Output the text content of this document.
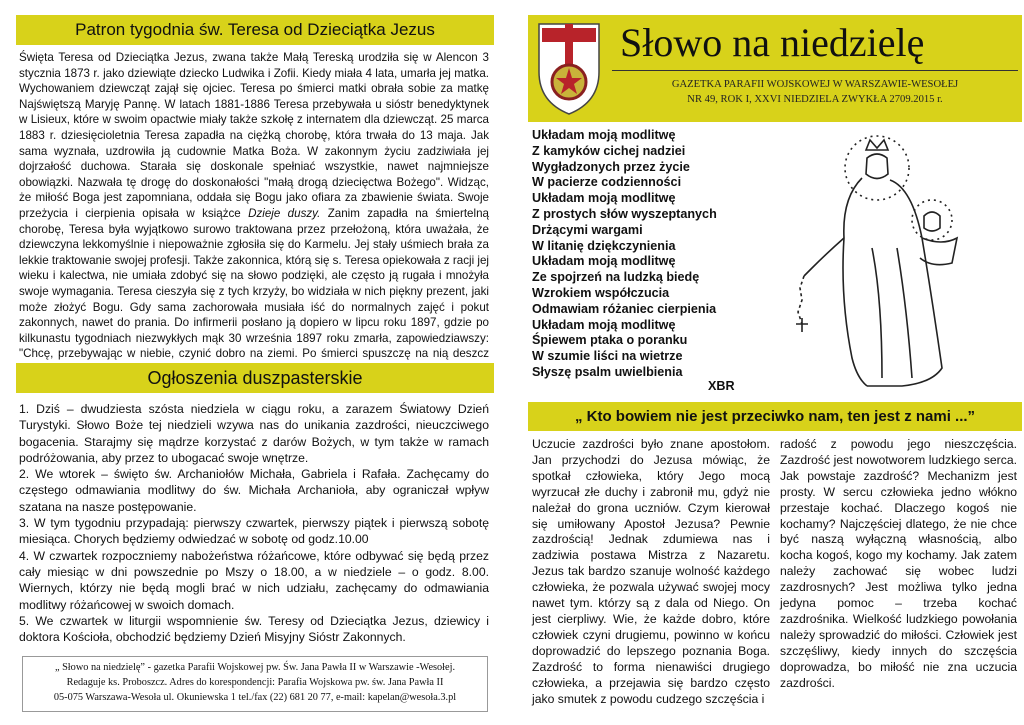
Patron tygodnia św. Teresa od Dzieciątka Jezus

Święta Teresa od Dzieciątka Jezus, zwana także Małą Tereską urodziła się w Alencon 3 stycznia 1873 r. jako dziewiąte dziecko Ludwika i Zofii. Kiedy miała 4 lata, umarła jej matka. Wychowaniem dziewcząt zajął się ojciec. Teresa po śmierci matki obrała sobie za matkę Najświętszą Maryję Pannę. W latach 1881-1886 Teresa przebywała u sióstr benedyktynek w Lisieux, które w swoim opactwie miały także szkołę z internatem dla dziewcząt. 25 marca 1883 r. dziesięcioletnia Teresa zapadła na ciężką chorobę, która trwała do 13 maja. Jak sama wyznała, uzdrowiła ją cudownie Matka Boża. W zakonnym życiu zadziwiała jej dojrzałość duchowa. Starała się doskonale spełniać wszystkie, nawet najmniejsze obowiązki. Nazwała tę drogę do doskonałości "małą drogą dziecięctwa Bożego". Widząc, że miłość Boga jest zapomniana, oddała się Bogu jako ofiara za zbawienie świata. Swoje przeżycia i cierpienia opisała w książce Dzieje duszy. Zanim zapadła na śmiertelną chorobę, Teresa była wyjątkowo surowo traktowana przez przełożoną, która uważała, że dziewczyna lekkomyślnie i niepoważnie zgłosiła się do Karmelu. Jej stały uśmiech brała za lekkie traktowanie swojej profesji. Także zakonnica, którą się s. Teresa opiekowała z racji jej wieku i kalectwa, nie umiała zdobyć się na słowo podzięki, ale często ją rugała i mnożyła swoje wymagania. Teresa cieszyła się z tych krzyży, bo widziała w nich piękny prezent, jaki może złożyć Bogu. Gdy sama zachorowała musiała iść do normalnych zajęć i pokut zakonnych, nawet do prania. Do infirmerii posłano ją dopiero w lipcu roku 1897, gdzie po kilkunastu tygodniach niezwykłych mąk 30 września 1897 roku zmarła, zapowiedziawszy: "Chcę, przebywając w niebie, czynić dobro na ziemi. Po śmierci spuszczę na nią deszcz

Ogłoszenia duszpasterskie

1. Dziś – dwudziesta szósta niedziela w ciągu roku, a zarazem Światowy Dzień Turystyki. Słowo Boże tej niedzieli wzywa nas do unikania zazdrości, nieuczciwego bogacenia. Starajmy się mądrze korzystać z darów Bożych, w tym także w ramach podróżowania, aby przez to ubogacać swoje wnętrze.

2. We wtorek – święto św. Archaniołów Michała, Gabriela i Rafała. Zachęcamy do częstego odmawiania modlitwy do św. Michała Archanioła, aby ograniczał wpływ szatana na nasze postępowanie.

3. W tym tygodniu przypadają: pierwszy czwartek, pierwszy piątek i pierwszą sobotę miesiąca. Chorych będziemy odwiedzać w sobotę od godz.10.00

4. W czwartek rozpoczniemy nabożeństwa różańcowe, które odbywać się będą przez cały miesiąc w dni powszednie po Mszy o 18.00, a w niedziele – o godz. 8.00. Wiernych, którzy nie będą mogli brać w nich udziału, zachęcamy do odmawiania modlitwy różańcowej w swoich domach.

5. We czwartek w liturgii wspomnienie św. Teresy od Dzieciątka Jezus, dziewicy i doktora Kościoła, obchodzić będziemy Dzień Misyjny Sióstr Zakonnych.

„ Słowo na niedzielę” - gazetka Parafii Wojskowej pw. Św. Jana Pawła II w Warszawie -Wesołej.
Redaguje ks. Proboszcz. Adres do korespondencji: Parafia Wojskowa pw. św. Jana Pawła II
05-075 Warszawa-Wesoła ul. Okuniewska 1 tel./fax (22) 681 20 77, e-mail: kapelan@wesoła.3.pl
Słowo na niedzielę
GAZETKA PARAFII WOJSKOWEJ W WARSZAWIE-WESOŁEJ
NR 49, ROK I, XXVI NIEDZIELA ZWYKŁA 2709.2015 r.
Układam moją modlitwę
Z kamyków cichej nadziei
Wygładzonych przez życie
W pacierze codzienności
Układam moją modlitwę
Z prostych słów wyszeptanych
Drżącymi wargami
W litanię dziękczynienia
Układam moją modlitwę
Ze spojrzeń na ludzką biedę
Wzrokiem współczucia
Odmawiam różaniec cierpienia
Układam moją modlitwę
Śpiewem ptaka o poranku
W szumie liści na wietrze
Słyszę psalm uwielbienia
XBR
„ Kto bowiem nie jest przeciwko nam, ten jest z nami ...”

Uczucie zazdrości było znane apostołom. Jan przychodzi do Jezusa mówiąc, że spotkał człowieka, który Jego mocą wyrzucał złe duchy i zabronił mu, gdyż nie należał do grona uczniów. Czym kierował się umiłowany Apostoł Jezusa? Pewnie zazdrością! Jednak zdumiewa nas i zadziwia postawa Mistrza z Nazaretu. Jezus tak bardzo szanuje wolność każdego człowieka, że pozwala używać swojej mocy nawet tym. którzy są z dala od Niego. On jest cierpliwy. Wie, że każde dobro, które człowiek czyni drugiemu, powinno w końcu doprowadzić do lepszego poznania Boga. Zazdrość to forma nienawiści drugiego człowieka, a przejawia się bardzo często jako smutek z powodu cudzego szczęścia i

radość z powodu jego nieszczęścia. Zazdrość jest nowotworem ludzkiego serca. Jak powstaje zazdrość? Mechanizm jest prosty. W sercu człowieka jedno włókno przestaje kochać. Dlaczego kogoś nie kochamy? Najczęściej dlatego, że nie chce być naszą wyłączną własnością, albo kocha kogoś, kogo my kochamy. Jak zatem należy zachować się wobec ludzi zazdrosnych? Jest możliwa tylko jedna jedyna pomoc – trzeba kochać zazdrośnika. Wielkość ludzkiego powołania należy sprowadzić do miłości. Człowiek jest szczęśliwy, kiedy innych do szczęścia doprowadza, bo miłość nie zna uczucia zazdrości.
